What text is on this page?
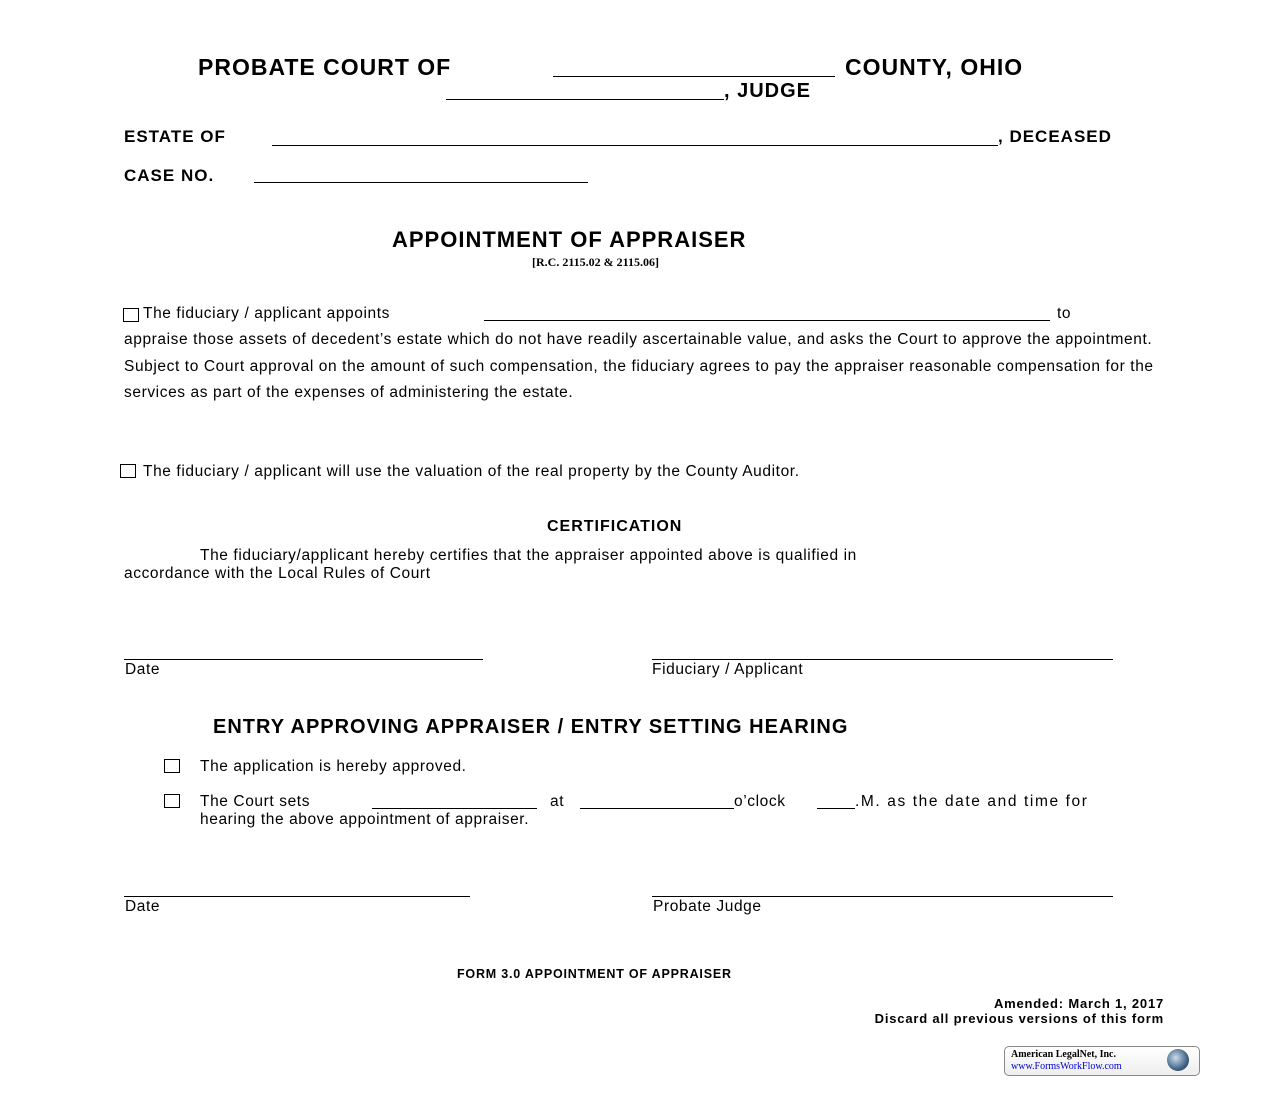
PROBATE COURT OF	COUNTY, OHIO
, JUDGE
ESTATE OF	, DECEASED
CASE NO.
APPOINTMENT OF APPRAISER
[R.C. 2115.02 & 2115.06]
The fiduciary / applicant appoints	to
appraise those assets of decedent’s estate which do not have readily ascertainable value, and asks the Court to approve the appointment. Subject to Court approval on the amount of such compensation, the fiduciary agrees to pay the appraiser reasonable compensation for the services as part of the expenses of administering the estate.
The fiduciary / applicant will use the valuation of the real property by the County Auditor.
CERTIFICATION
The fiduciary/applicant hereby certifies that the appraiser appointed above is qualified in
accordance with the Local Rules of Court
Date	Fiduciary / Applicant
ENTRY APPROVING APPRAISER / ENTRY SETTING HEARING
The application is hereby approved.
The Court sets	at	o’clock	.M. as the date and time for
hearing the above appointment of appraiser.
Date	Probate Judge
FORM 3.0 APPOINTMENT OF APPRAISER
Amended: March 1, 2017
Discard all previous versions of this form
American LegalNet, Inc.
www.FormsWorkFlow.com
